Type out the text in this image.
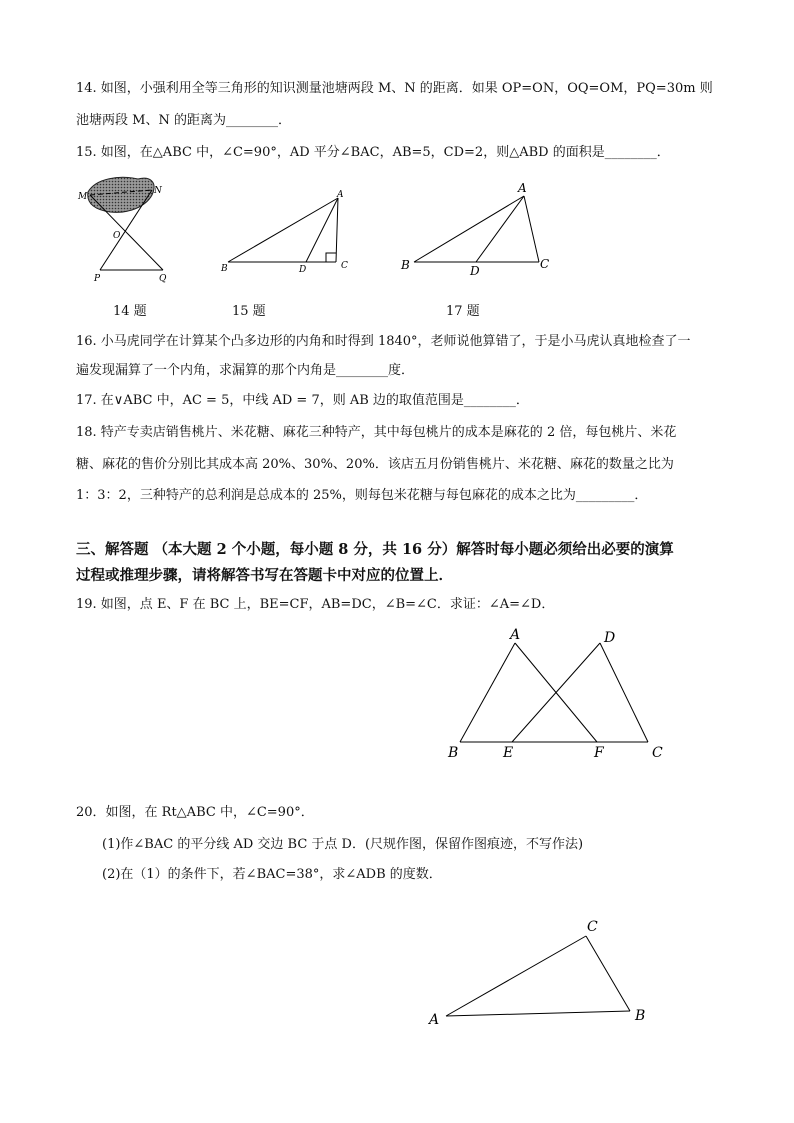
14. 如图，小强利用全等三角形的知识测量池塘两段 M、N 的距离．如果 OP=ON，OQ=OM，PQ=30m 则
池塘两段 M、N 的距离为________．
15. 如图，在△ABC 中，∠C=90°，AD 平分∠BAC，AB=5，CD=2，则△ABD 的面积是________．
M
N
O
P	Q
A
B	C
D
A
B	C
D
A	D
B	E	F	C
C
A	B
14 题	15 题	17 题
16. 小马虎同学在计算某个凸多边形的内角和时得到 1840°，老师说他算错了，于是小马虎认真地检查了一
遍发现漏算了一个内角，求漏算的那个内角是________度．
17. 在∨ABC 中，AC = 5，中线 AD = 7，则 AB 边的取值范围是________．
18. 特产专卖店销售桃片、米花糖、麻花三种特产，其中每包桃片的成本是麻花的 2 倍，每包桃片、米花
糖、麻花的售价分别比其成本高 20%、30%、20%．该店五月份销售桃片、米花糖、麻花的数量之比为
1：3：2，三种特产的总利润是总成本的 25%，则每包米花糖与每包麻花的成本之比为_________．
三、解答题 （本大题 2 个小题，每小题 8 分，共 16 分）解答时每小题必须给出必要的演算
过程或推理步骤，请将解答书写在答题卡中对应的位置上．
19. 如图，点 E、F 在 BC 上，BE=CF，AB=DC，∠B=∠C．求证：∠A=∠D．
20．如图，在 Rt△ABC 中，∠C=90°．
(1)作∠BAC 的平分线 AD 交边 BC 于点 D．(尺规作图，保留作图痕迹，不写作法)
(2)在（1）的条件下，若∠BAC=38°，求∠ADB 的度数．
